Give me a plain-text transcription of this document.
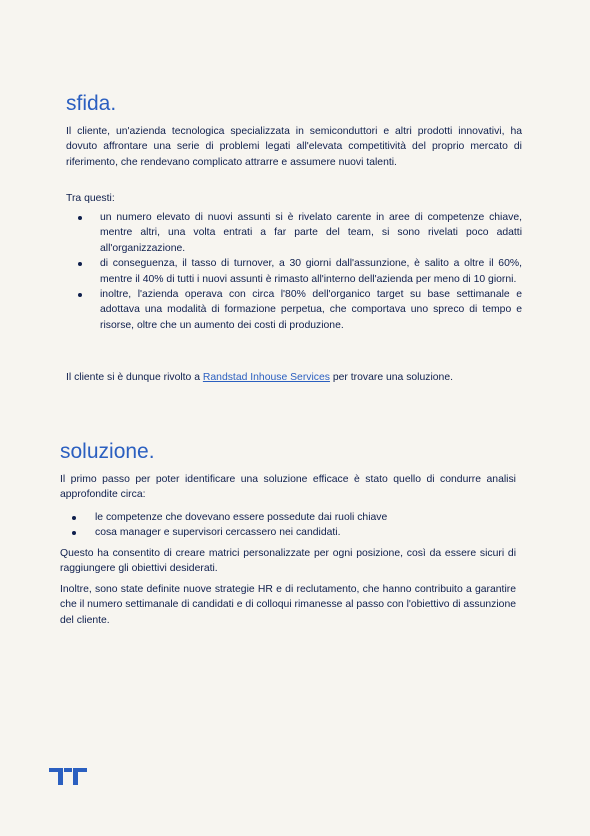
sfida.

Il cliente, un'azienda tecnologica specializzata in semiconduttori e altri prodotti innovativi, ha dovuto affrontare una serie di problemi legati all'elevata competitività del proprio mercato di riferimento, che rendevano complicato attrarre e assumere nuovi talenti.

Tra questi:

un numero elevato di nuovi assunti si è rivelato carente in aree di competenze chiave, mentre altri, una volta entrati a far parte del team, si sono rivelati poco adatti all'organizzazione.
di conseguenza, il tasso di turnover, a 30 giorni dall'assunzione, è salito a oltre il 60%, mentre il 40% di tutti i nuovi assunti è rimasto all'interno dell'azienda per meno di 10 giorni.
inoltre, l'azienda operava con circa l'80% dell'organico target su base settimanale e adottava una modalità di formazione perpetua, che comportava uno spreco di tempo e risorse, oltre che un aumento dei costi di produzione.

Il cliente si è dunque rivolto a Randstad Inhouse Services per trovare una soluzione.

soluzione.

Il primo passo per poter identificare una soluzione efficace è stato quello di condurre analisi approfondite circa:

le competenze che dovevano essere possedute dai ruoli chiave
cosa manager e supervisori cercassero nei candidati.

Questo ha consentito di creare matrici personalizzate per ogni posizione, così da essere sicuri di raggiungere gli obiettivi desiderati.

Inoltre, sono state definite nuove strategie HR e di reclutamento, che hanno contribuito a garantire che il numero settimanale di candidati e di colloqui rimanesse al passo con l'obiettivo di assunzione del cliente.
